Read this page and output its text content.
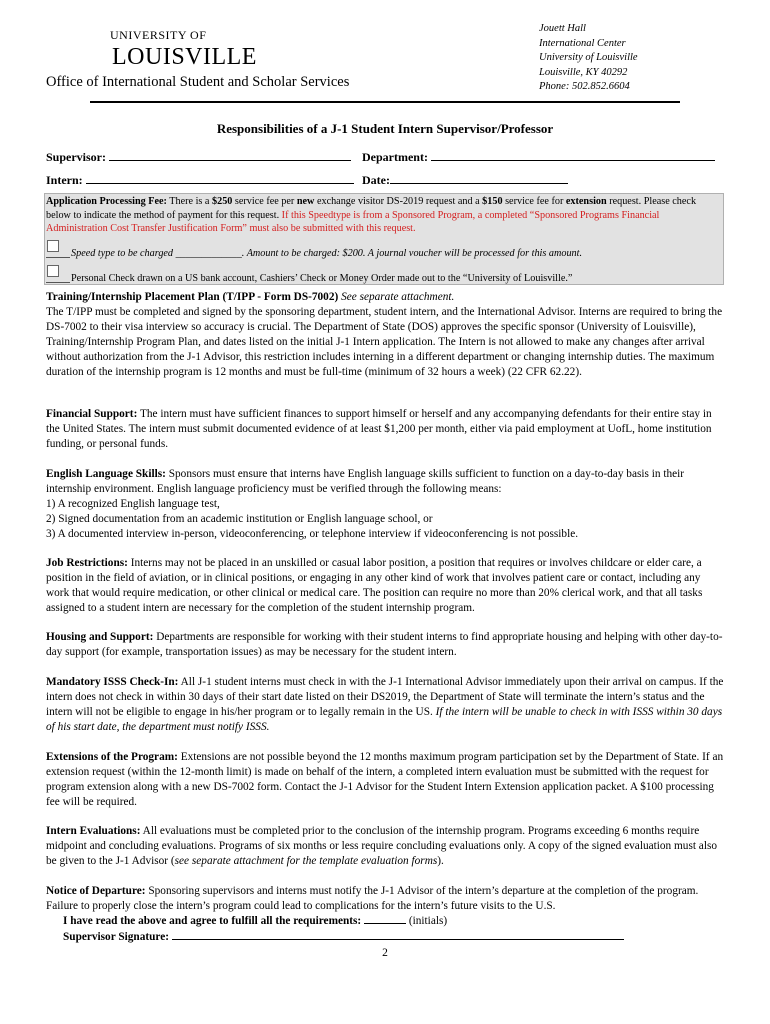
UNIVERSITY OF
LOUISVILLE
Office of International Student and Scholar Services
Jouett Hall
International Center
University of Louisville
Louisville, KY 40292
Phone: 502.852.6604
Responsibilities of a J-1 Student Intern Supervisor/Professor
Supervisor:	Department:
Intern:	Date:
Application Processing Fee: There is a $250 service fee per new exchange visitor DS-2019 request and a $150 service fee for extension request. Please check below to indicate the method of payment for this request. If this Speedtype is from a Sponsored Program, a completed “Sponsored Programs Financial Administration Cost Transfer Justification Form” must also be submitted with this request.
Speed type to be charged _____________. Amount to be charged: $200. A journal voucher will be processed for this amount.
Personal Check drawn on a US bank account, Cashiers’ Check or Money Order made out to the “University of Louisville.”

Training/Internship Placement Plan (T/IPP - Form DS-7002) See separate attachment.

The T/IPP must be completed and signed by the sponsoring department, student intern, and the International Advisor. Interns are required to bring the DS-7002 to their visa interview so accuracy is crucial. The Department of State (DOS) approves the specific sponsor (University of Louisville), Training/Internship Program Plan, and dates listed on the initial J-1 Intern application. The Intern is not allowed to make any changes after arrival without authorization from the J-1 Advisor, this restriction includes interning in a different department or changing internship duties. The maximum duration of the internship program is 12 months and must be full-time (minimum of 32 hours a week) (22 CFR 62.22).

Financial Support: The intern must have sufficient finances to support himself or herself and any accompanying defendants for their entire stay in the United States. The intern must submit documented evidence of at least $1,200 per month, either via paid employment at UofL, home institution funding, or personal funds.

English Language Skills: Sponsors must ensure that interns have English language skills sufficient to function on a day-to-day basis in their internship environment. English language proficiency must be verified through the following means:

1) A recognized English language test,

2) Signed documentation from an academic institution or English language school, or

3) A documented interview in-person, videoconferencing, or telephone interview if videoconferencing is not possible.

Job Restrictions: Interns may not be placed in an unskilled or casual labor position, a position that requires or involves childcare or elder care, a position in the field of aviation, or in clinical positions, or engaging in any other kind of work that involves patient care or contact, including any work that would require medication, or other clinical or medical care. The position can require no more than 20% clerical work, and that all tasks assigned to a student intern are necessary for the completion of the student internship program.

Housing and Support: Departments are responsible for working with their student interns to find appropriate housing and helping with other day-to-day support (for example, transportation issues) as may be necessary for the student intern.

Mandatory ISSS Check-In: All J-1 student interns must check in with the J-1 International Advisor immediately upon their arrival on campus. If the intern does not check in within 30 days of their start date listed on their DS2019, the Department of State will terminate the intern’s status and the intern will not be eligible to engage in his/her program or to legally remain in the US. If the intern will be unable to check in with ISSS within 30 days of his start date, the department must notify ISSS.

Extensions of the Program: Extensions are not possible beyond the 12 months maximum program participation set by the Department of State. If an extension request (within the 12-month limit) is made on behalf of the intern, a completed intern evaluation must be submitted with the request for program extension along with a new DS-7002 form. Contact the J-1 Advisor for the Student Intern Extension application packet. A $100 processing fee will be required.

Intern Evaluations: All evaluations must be completed prior to the conclusion of the internship program. Programs exceeding 6 months require midpoint and concluding evaluations. Programs of six months or less require concluding evaluations only. A copy of the signed evaluation must also be given to the J-1 Advisor (see separate attachment for the template evaluation forms).

Notice of Departure: Sponsoring supervisors and interns must notify the J-1 Advisor of the intern’s departure at the completion of the program. Failure to properly close the intern’s program could lead to complications for the intern’s future visits to the U.S.

I have read the above and agree to fulfill all the requirements:	(initials)
Supervisor Signature:
2
